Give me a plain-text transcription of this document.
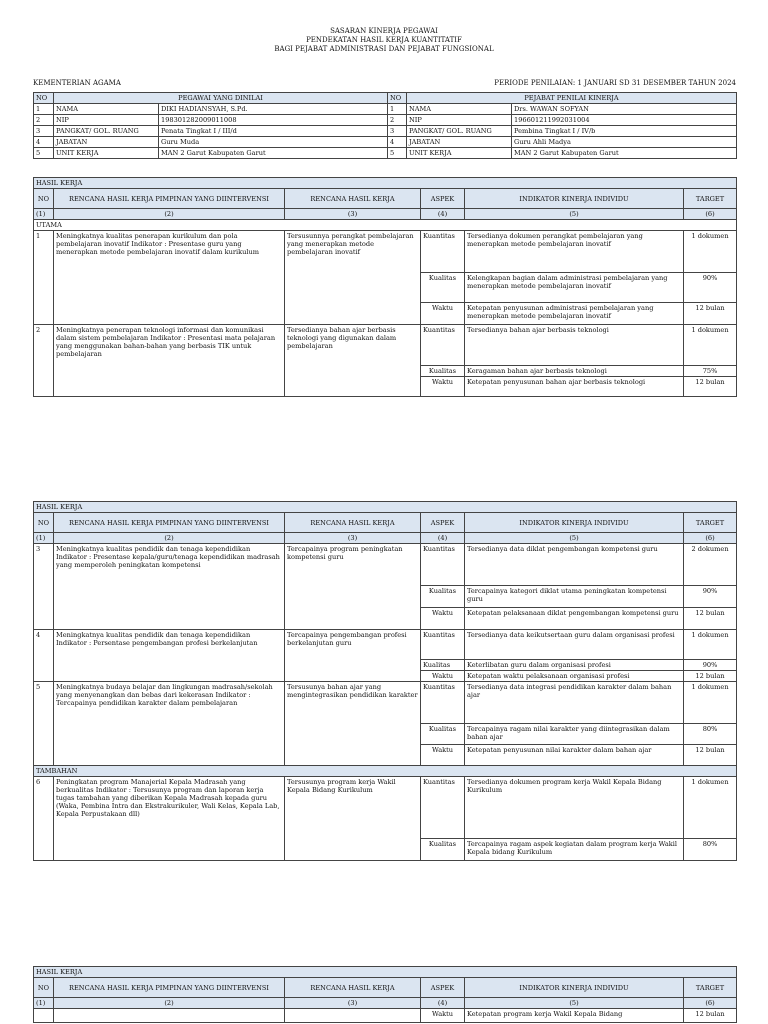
SASARAN KINERJA PEGAWAI
PENDEKATAN HASIL KERJA KUANTITATIF
BAGI PEJABAT ADMINISTRASI DAN PEJABAT FUNGSIONAL
KEMENTERIAN AGAMA	PERIODE PENILAIAN: 1 JANUARI SD 31 DESEMBER TAHUN 2024
NO	PEGAWAI YANG DINILAI		NO	PEJABAT PENILAI KINERJA	
1	NAMA	DIKI HADIANSYAH, S.Pd.	1	NAMA	Drs. WAWAN SOFYAN
2	NIP	198301282009011008	2	NIP	196601211992031004
3	PANGKAT/ GOL. RUANG	Penata Tingkat I / III/d	3	PANGKAT/ GOL. RUANG	Pembina Tingkat I / IV/b
4	JABATAN	Guru Muda	4	JABATAN	Guru Ahli Madya
5	UNIT KERJA	MAN 2 Garut Kabupaten Garut	5	UNIT KERJA	MAN 2 Garut Kabupaten Garut
HASIL KERJA					
NO	RENCANA HASIL KERJA PIMPINAN YANG DIINTERVENSI	RENCANA HASIL KERJA	ASPEK	INDIKATOR KINERJA INDIVIDU	TARGET
(1)	(2)	(3)	(4)	(5)	(6)
UTAMA					
1	Meningkatnya kualitas penerapan kurikulum dan pola pembelajaran inovatif Indikator : Presentase guru yang menerapkan metode pembelajaran inovatif dalam kurikulum	Tersusunnya perangkat pembelajaran yang menerapkan metode pembelajaran inovatif	Kuantitas	Tersedianya dokumen perangkat pembelajaran yang menerapkan metode pembelajaran inovatif	1 dokumen
			Kualitas	Kelengkapan bagian dalam administrasi pembelajaran yang menerapkan metode pembelajaran inovatif	90%
			Waktu	Ketepatan penyusunan administrasi pembelajaran yang menerapkan metode pembelajaran inovatif	12 bulan
2	Meningkatnya penerapan teknologi informasi dan komunikasi dalam sistem pembelajaran Indikator : Presentasi mata pelajaran yang menggunakan bahan-bahan yang berbasis TIK untuk pembelajaran	Tersedianya bahan ajar berbasis teknologi yang digunakan dalam pembelajaran	Kuantitas	Tersedianya bahan ajar berbasis teknologi	1 dokumen
			Kualitas	Keragaman bahan ajar berbasis teknologi	75%
			Waktu	Ketepatan penyusunan bahan ajar berbasis teknologi	12 bulan
HASIL KERJA					
NO	RENCANA HASIL KERJA PIMPINAN YANG DIINTERVENSI	RENCANA HASIL KERJA	ASPEK	INDIKATOR KINERJA INDIVIDU	TARGET
(1)	(2)	(3)	(4)	(5)	(6)
3	Meningkatnya kualitas pendidik dan tenaga kependidikan Indikator : Presentase kepala/guru/tenaga kependidikan madrasah yang memperoleh peningkatan kompetensi	Tercapainya program peningkatan kompetensi guru	Kuantitas	Tersedianya data diklat pengembangan kompetensi guru	2 dokumen
			Kualitas	Tercapainya kategori diklat utama peningkatan kompetensi guru	90%
			Waktu	Ketepatan pelaksanaan diklat pengembangan kompetensi guru	12 bulan
4	Meningkatnya kualitas pendidik dan tenaga kependidikan Indikator : Persentase pengembangan profesi berkelanjutan	Tercapainya pengembangan profesi berkelanjutan guru	Kuantitas	Tersedianya data keikutsertaan guru dalam organisasi profesi	1 dokumen
			Kualitas	Keterlibatan guru dalam organisasi profesi	90%
			Waktu	Ketepatan waktu pelaksanaan organisasi profesi	12 bulan
5	Meningkatnya budaya belajar dan lingkungan madrasah/sekolah yang menyenangkan dan bebas dari kekerasan Indikator : Tercapainya pendidikan karakter dalam pembelajaran	Tersusunya bahan ajar yang mengintegrasikan pendidikan karakter	Kuantitas	Tersedianya data integrasi pendidikan karakter dalam bahan ajar	1 dokumen
			Kualitas	Tercapainya ragam nilai karakter yang diintegrasikan dalam bahan ajar	80%
			Waktu	Ketepatan penyusunan nilai karakter dalam bahan ajar	12 bulan
TAMBAHAN					
6	Peningkatan program Manajerial Kepala Madrasah yang berkualitas Indikator : Tersusunya program dan laporan kerja tugas tambahan yang diberikan Kepala Madrasah kepada guru (Waka, Pembina Intra dan Ekstrakurikuler, Wali Kelas, Kepala Lab, Kepala Perpustakaan dll)	Tersusunya program kerja Wakil Kepala Bidang Kurikulum	Kuantitas	Tersedianya dokumen program kerja Wakil Kepala Bidang Kurikulum	1 dokumen
			Kualitas	Tercapainya ragam aspek kegiatan dalam program kerja Wakil Kepala bidang Kurikulum	80%
HASIL KERJA					
NO	RENCANA HASIL KERJA PIMPINAN YANG DIINTERVENSI	RENCANA HASIL KERJA	ASPEK	INDIKATOR KINERJA INDIVIDU	TARGET
(1)	(2)	(3)	(4)	(5)	(6)
			Waktu	Ketepatan program kerja Wakil Kepala Bidang	12 bulan
